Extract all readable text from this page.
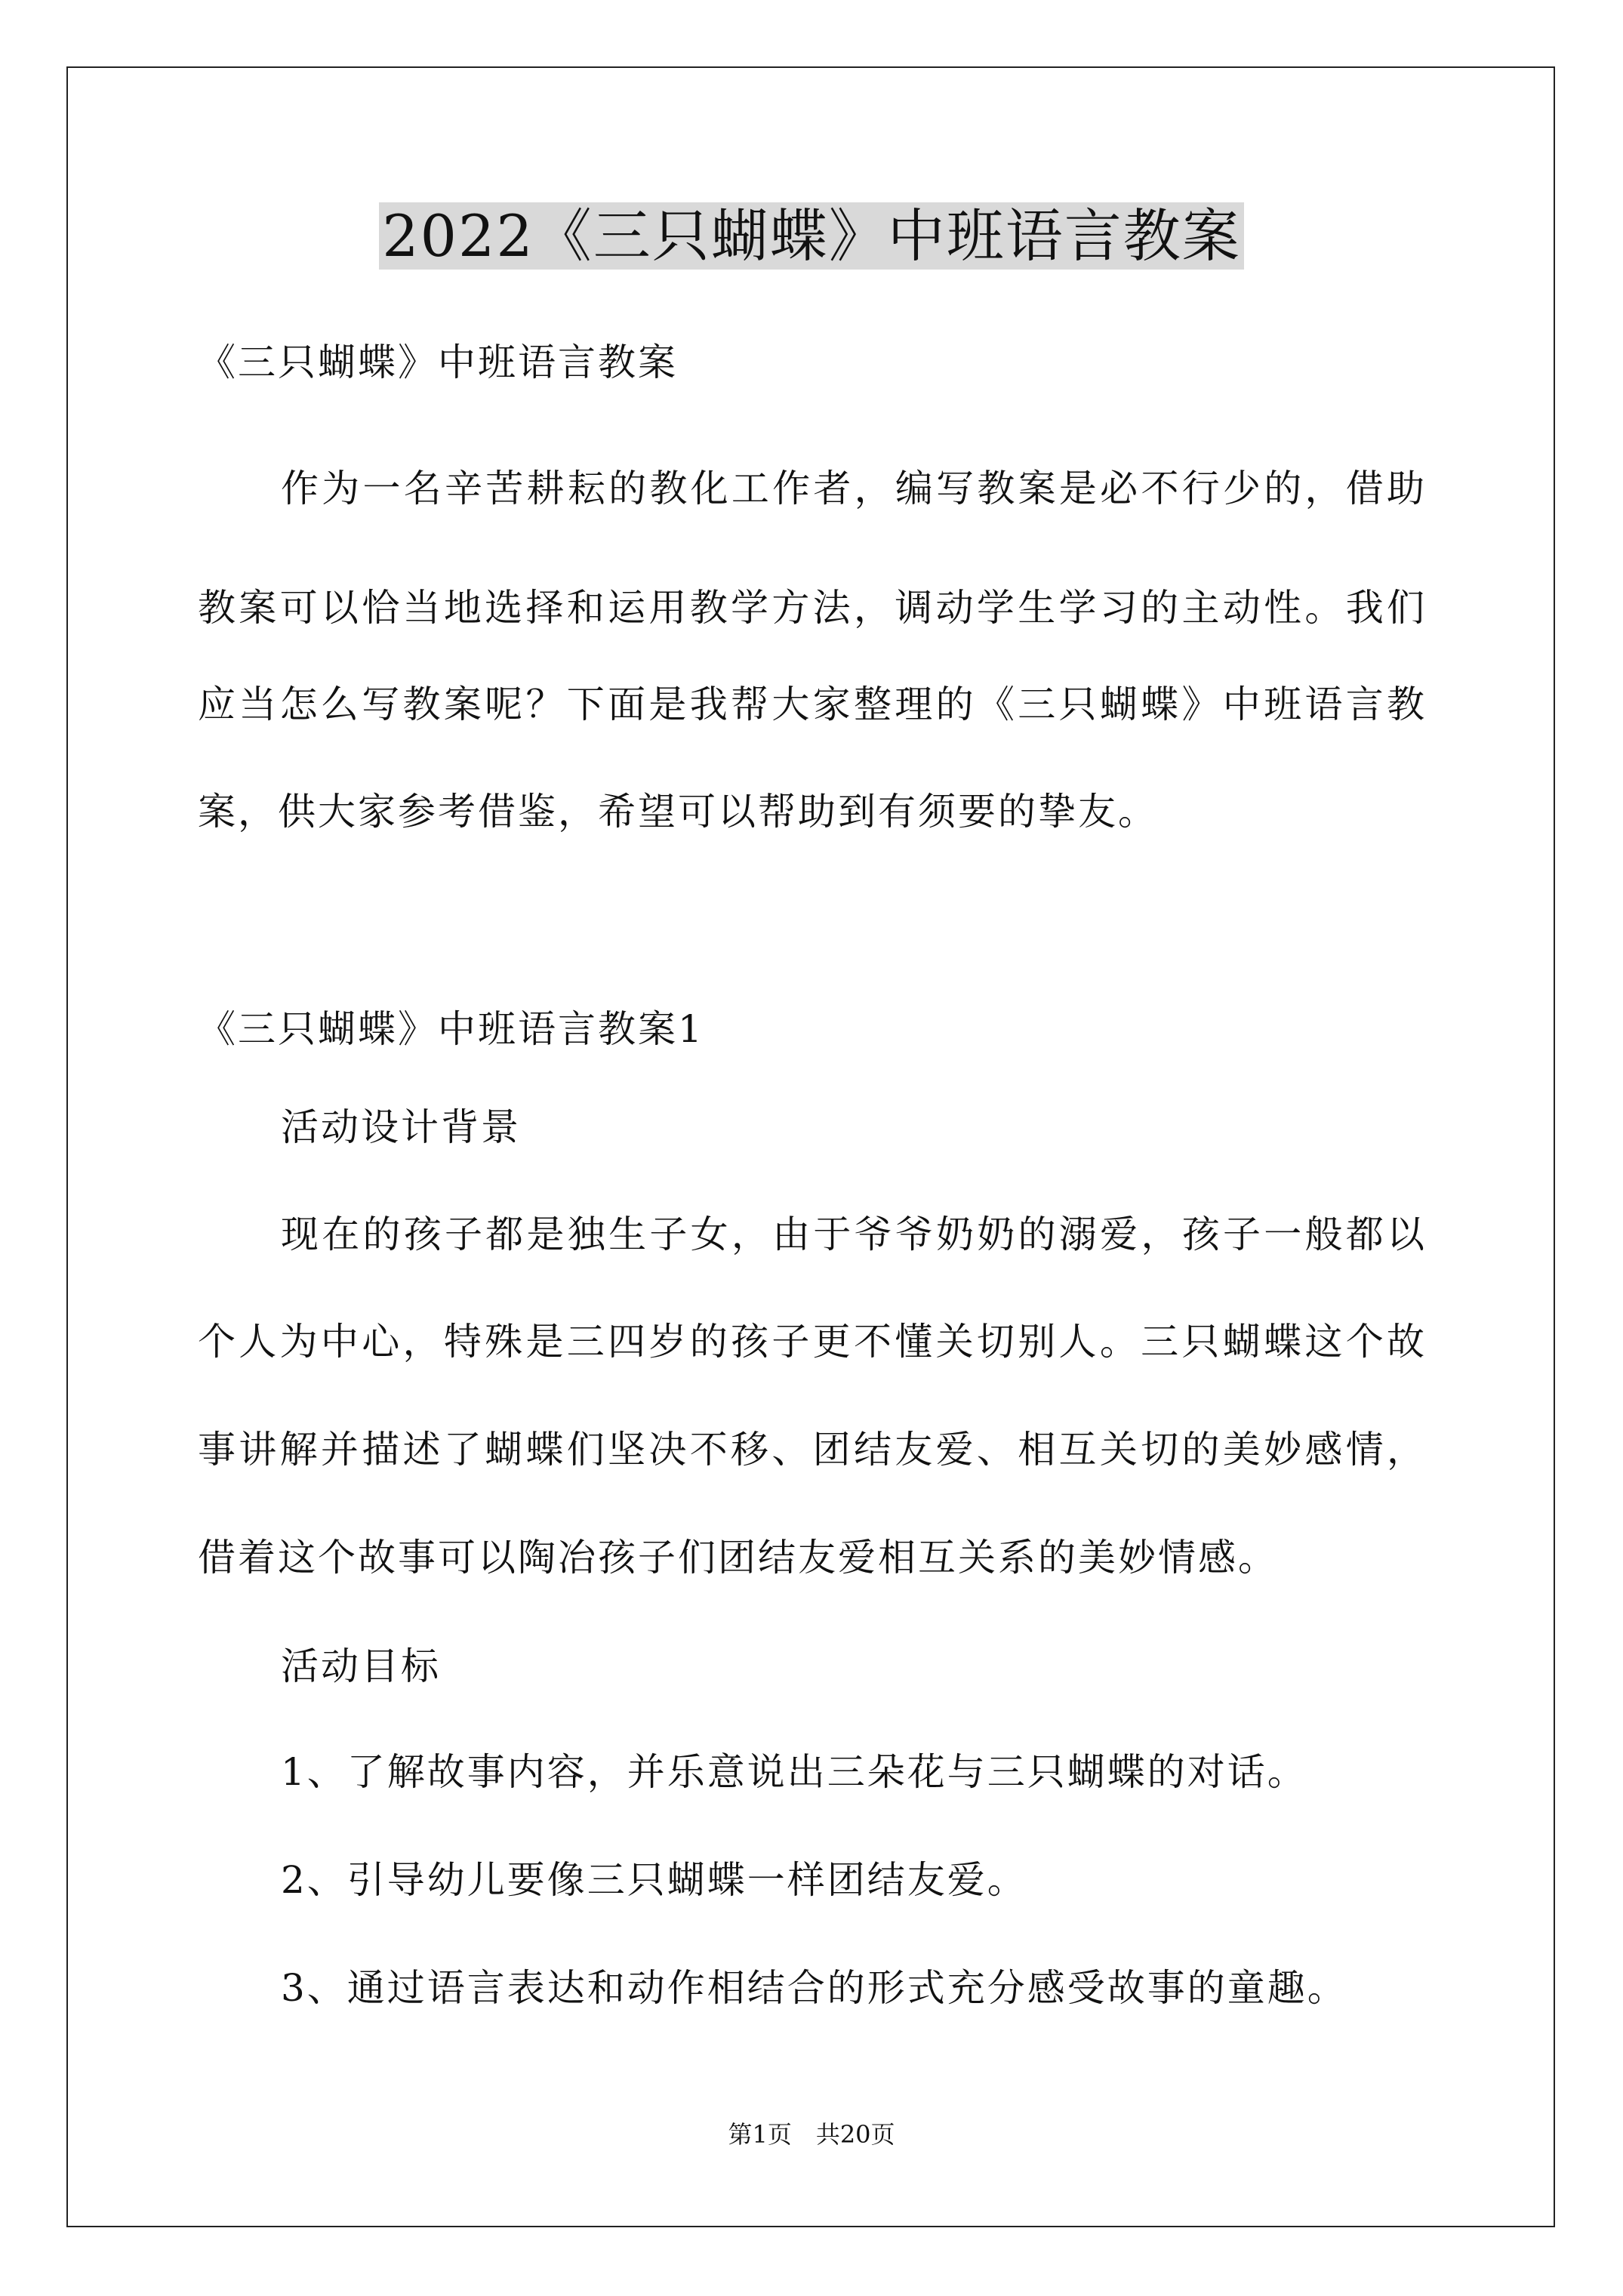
2022《三只蝴蝶》中班语言教案

《三只蝴蝶》中班语言教案

作为一名辛苦耕耘的教化工作者，编写教案是必不行少的，借助

教案可以恰当地选择和运用教学方法，调动学生学习的主动性。我们

应当怎么写教案呢？下面是我帮大家整理的《三只蝴蝶》中班语言教

案，供大家参考借鉴，希望可以帮助到有须要的挚友。

《三只蝴蝶》中班语言教案1

活动设计背景

现在的孩子都是独生子女，由于爷爷奶奶的溺爱，孩子一般都以

个人为中心，特殊是三四岁的孩子更不懂关切别人。三只蝴蝶这个故

事讲解并描述了蝴蝶们坚决不移、团结友爱、相互关切的美妙感情，

借着这个故事可以陶冶孩子们团结友爱相互关系的美妙情感。

活动目标

1、了解故事内容，并乐意说出三朵花与三只蝴蝶的对话。

2、引导幼儿要像三只蝴蝶一样团结友爱。

3、通过语言表达和动作相结合的形式充分感受故事的童趣。

第1页　共20页
